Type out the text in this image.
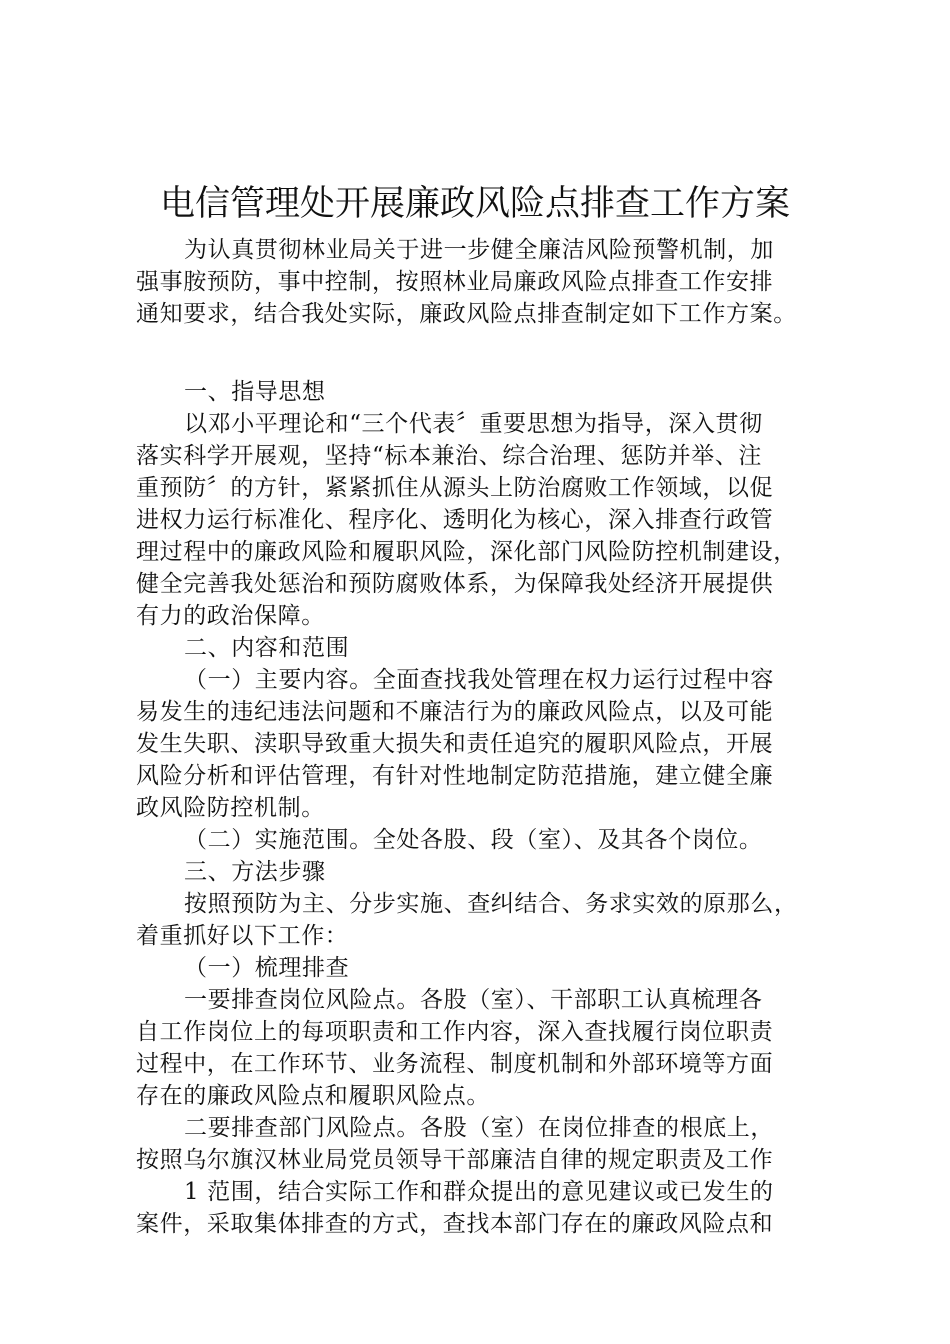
电信管理处开展廉政风险点排查工作方案
为认真贯彻林业局关于进一步健全廉洁风险预警机制，加
强事胺预防，事中控制，按照林业局廉政风险点排查工作安排
通知要求，结合我处实际，廉政风险点排查制定如下工作方案。
一、指导思想
以邓小平理论和“三个代表〞重要思想为指导，深入贯彻
落实科学开展观，坚持“标本兼治、综合治理、惩防并举、注
重预防〞的方针，紧紧抓住从源头上防治腐败工作领域，以促
进权力运行标准化、程序化、透明化为核心，深入排查行政管
理过程中的廉政风险和履职风险，深化部门风险防控机制建设，
健全完善我处惩治和预防腐败体系，为保障我处经济开展提供
有力的政治保障。
二、内容和范围
（一）主要内容。全面查找我处管理在权力运行过程中容
易发生的违纪违法问题和不廉洁行为的廉政风险点，以及可能
发生失职、渎职导致重大损失和责任追究的履职风险点，开展
风险分析和评估管理，有针对性地制定防范措施，建立健全廉
政风险防控机制。
（二）实施范围。全处各股、段（室）、及其各个岗位。
三、方法步骤
按照预防为主、分步实施、查纠结合、务求实效的原那么，
着重抓好以下工作：
（一）梳理排查
一要排查岗位风险点。各股（室）、干部职工认真梳理各
自工作岗位上的每项职责和工作内容，深入查找履行岗位职责
过程中，在工作环节、业务流程、制度机制和外部环境等方面
存在的廉政风险点和履职风险点。
二要排查部门风险点。各股（室）在岗位排查的根底上，
按照乌尔旗汉林业局党员领导干部廉洁自律的规定职责及工作
1 范围，结合实际工作和群众提出的意见建议或已发生的
案件，采取集体排查的方式，查找本部门存在的廉政风险点和
